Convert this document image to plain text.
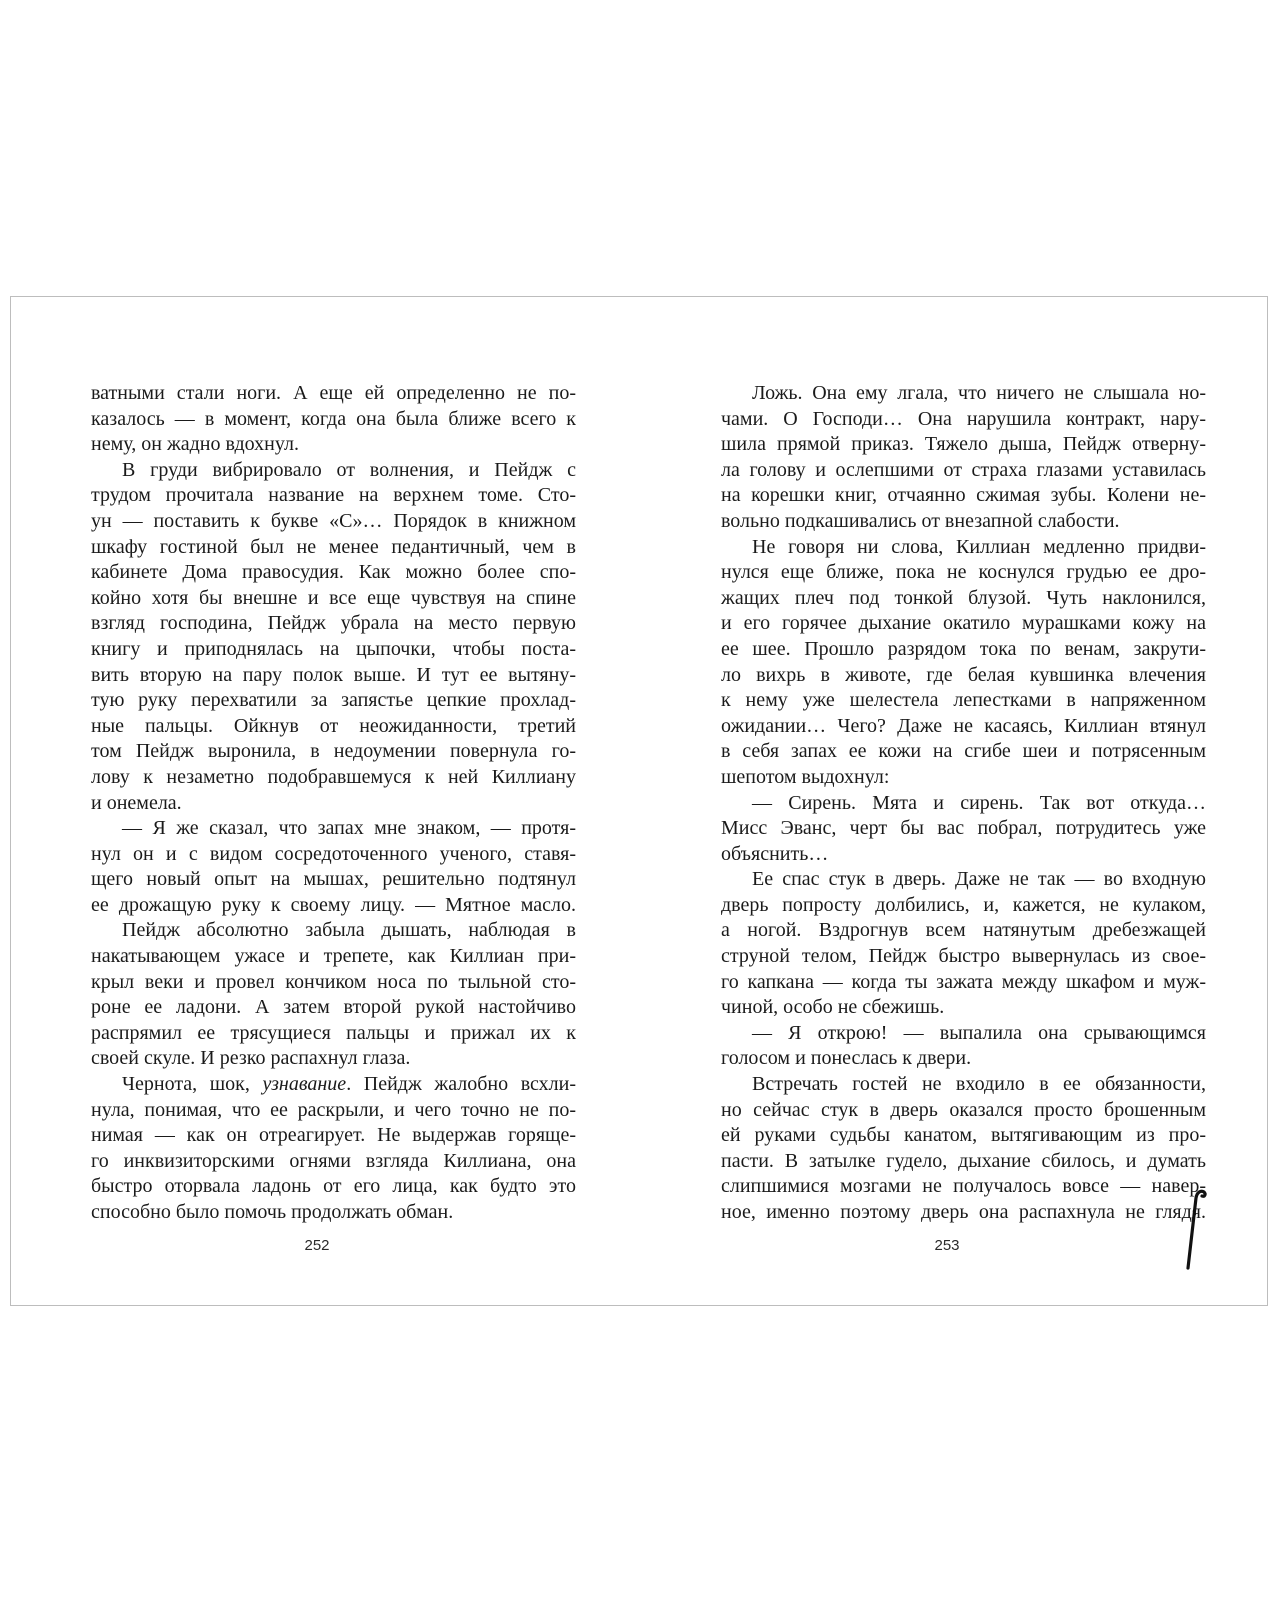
ватными стали ноги. А еще ей определенно не по-
казалось — в момент, когда она была ближе всего к
нему, он жадно вдохнул.
В груди вибрировало от волнения, и Пейдж с
трудом прочитала название на верхнем томе. Сто-
ун — поставить к букве «С»… Порядок в книжном
шкафу гостиной был не менее педантичный, чем в
кабинете Дома правосудия. Как можно более спо-
койно хотя бы внешне и все еще чувствуя на спине
взгляд господина, Пейдж убрала на место первую
книгу и приподнялась на цыпочки, чтобы поста-
вить вторую на пару полок выше. И тут ее вытяну-
тую руку перехватили за запястье цепкие прохлад-
ные пальцы. Ойкнув от неожиданности, третий
том Пейдж выронила, в недоумении повернула го-
лову к незаметно подобравшемуся к ней Киллиану
и онемела.
— Я же сказал, что запах мне знаком, — протя-
нул он и с видом сосредоточенного ученого, ставя-
щего новый опыт на мышах, решительно подтянул
ее дрожащую руку к своему лицу. — Мятное масло.
Пейдж абсолютно забыла дышать, наблюдая в
накатывающем ужасе и трепете, как Киллиан при-
крыл веки и провел кончиком носа по тыльной сто-
роне ее ладони. А затем второй рукой настойчиво
распрямил ее трясущиеся пальцы и прижал их к
своей скуле. И резко распахнул глаза.
Чернота, шок, узнавание. Пейдж жалобно всхли-
нула, понимая, что ее раскрыли, и чего точно не по-
нимая — как он отреагирует. Не выдержав горяще-
го инквизиторскими огнями взгляда Киллиана, она
быстро оторвала ладонь от его лица, как будто это
способно было помочь продолжать обман.
Ложь. Она ему лгала, что ничего не слышала но-
чами. О Господи… Она нарушила контракт, нару-
шила прямой приказ. Тяжело дыша, Пейдж отверну-
ла голову и ослепшими от страха глазами уставилась
на корешки книг, отчаянно сжимая зубы. Колени не-
вольно подкашивались от внезапной слабости.
Не говоря ни слова, Киллиан медленно придви-
нулся еще ближе, пока не коснулся грудью ее дро-
жащих плеч под тонкой блузой. Чуть наклонился,
и его горячее дыхание окатило мурашками кожу на
ее шее. Прошло разрядом тока по венам, закрути-
ло вихрь в животе, где белая кувшинка влечения
к нему уже шелестела лепестками в напряженном
ожидании… Чего? Даже не касаясь, Киллиан втянул
в себя запах ее кожи на сгибе шеи и потрясенным
шепотом выдохнул:
— Сирень. Мята и сирень. Так вот откуда…
Мисс Эванс, черт бы вас побрал, потрудитесь уже
объяснить…
Ее спас стук в дверь. Даже не так — во входную
дверь попросту долбились, и, кажется, не кулаком,
а ногой. Вздрогнув всем натянутым дребезжащей
струной телом, Пейдж быстро вывернулась из свое-
го капкана — когда ты зажата между шкафом и муж-
чиной, особо не сбежишь.
— Я открою! — выпалила она срывающимся
голосом и понеслась к двери.
Встречать гостей не входило в ее обязанности,
но сейчас стук в дверь оказался просто брошенным
ей руками судьбы канатом, вытягивающим из про-
пасти. В затылке гудело, дыхание сбилось, и думать
слипшимися мозгами не получалось вовсе — навер-
ное, именно поэтому дверь она распахнула не глядя.
252	253
